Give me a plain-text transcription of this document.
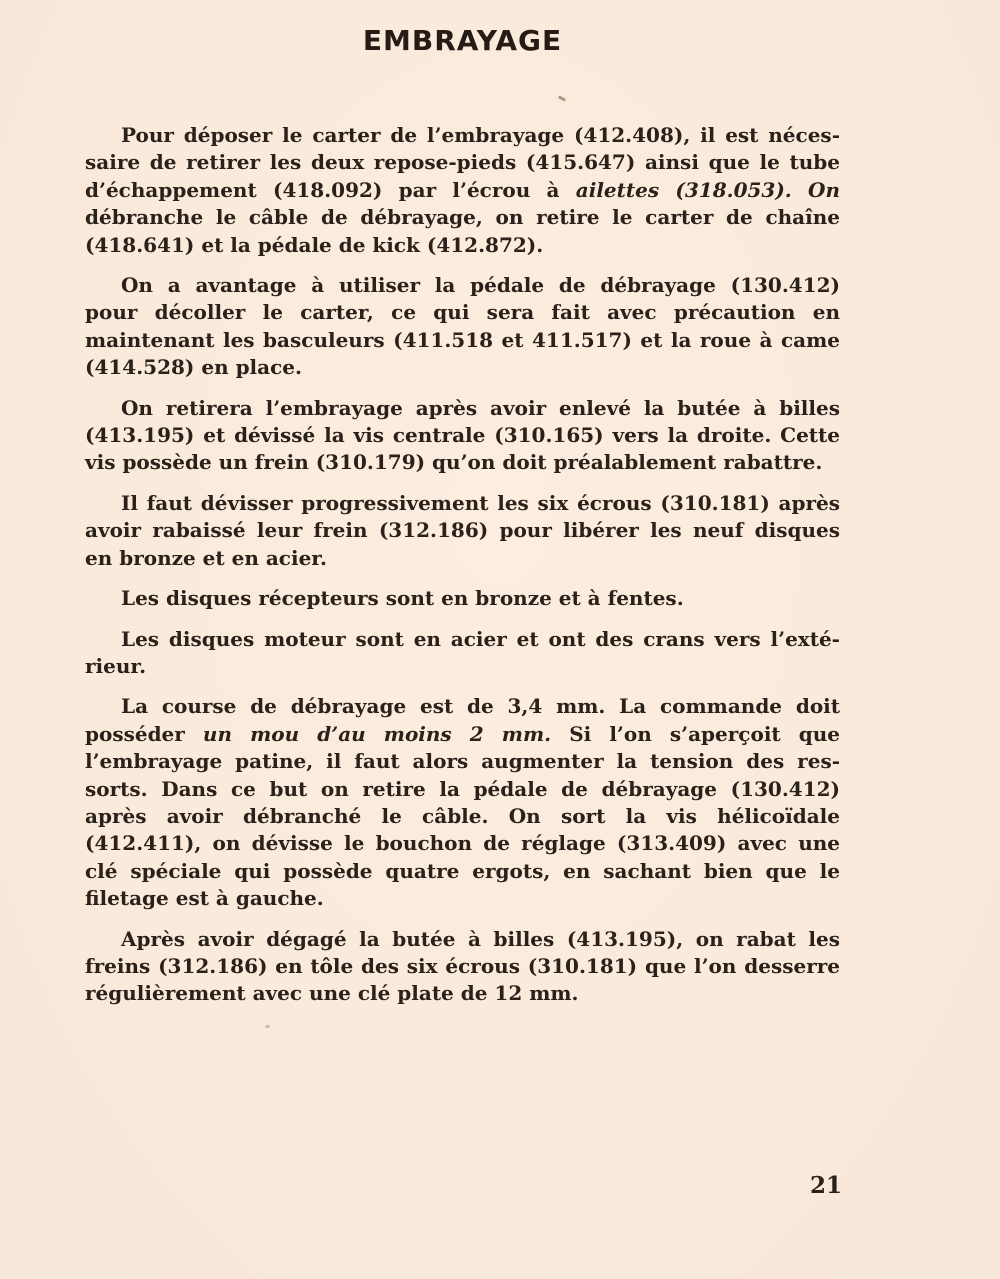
EMBRAYAGE
Pour déposer le carter de l’embrayage (412.408), il est néces-
saire de retirer les deux repose-pieds (415.647) ainsi que le tube
d’échappement (418.092) par l’écrou à ailettes (318.053). On
débranche le câble de débrayage, on retire le carter de chaîne
(418.641) et la pédale de kick (412.872).
On a avantage à utiliser la pédale de débrayage (130.412)
pour décoller le carter, ce qui sera fait avec précaution en
maintenant les basculeurs (411.518 et 411.517) et la roue à came
(414.528) en place.
On retirera l’embrayage après avoir enlevé la butée à billes
(413.195) et dévissé la vis centrale (310.165) vers la droite. Cette
vis possède un frein (310.179) qu’on doit préalablement rabattre.
Il faut dévisser progressivement les six écrous (310.181) après
avoir rabaissé leur frein (312.186) pour libérer les neuf disques
en bronze et en acier.
Les disques récepteurs sont en bronze et à fentes.
Les disques moteur sont en acier et ont des crans vers l’exté-
rieur.
La course de débrayage est de 3,4 mm. La commande doit
posséder un mou d’au moins 2 mm. Si l’on s’aperçoit que
l’embrayage patine, il faut alors augmenter la tension des res-
sorts. Dans ce but on retire la pédale de débrayage (130.412)
après avoir débranché le câble. On sort la vis hélicoïdale
(412.411), on dévisse le bouchon de réglage (313.409) avec une
clé spéciale qui possède quatre ergots, en sachant bien que le
filetage est à gauche.
Après avoir dégagé la butée à billes (413.195), on rabat les
freins (312.186) en tôle des six écrous (310.181) que l’on desserre
régulièrement avec une clé plate de 12 mm.
21
